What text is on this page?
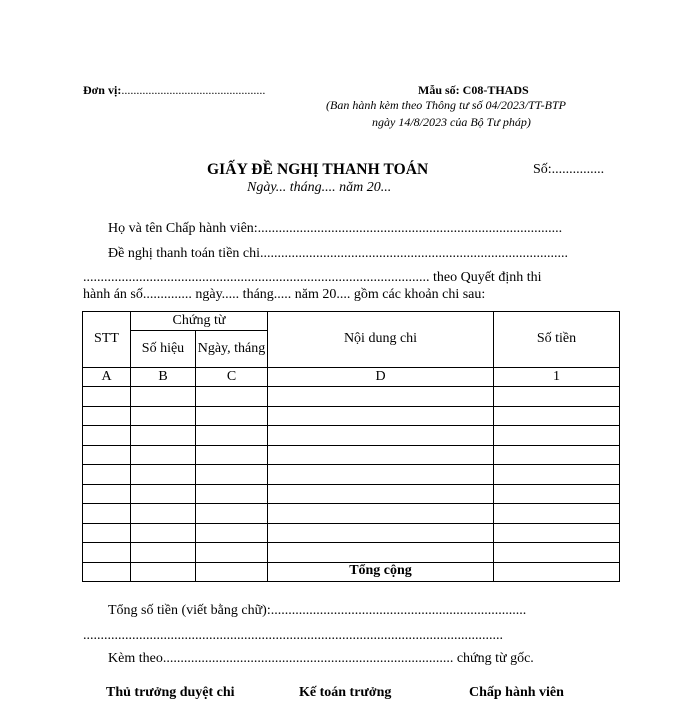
Đơn vị:................................................	Mẫu số: C08-THADS
(Ban hành kèm theo Thông tư số 04/2023/TT-BTP
ngày 14/8/2023 của Bộ Tư pháp)
GIẤY ĐỀ NGHỊ THANH TOÁN	Số:...............
Ngày... tháng.... năm 20...
Họ và tên Chấp hành viên:.......................................................................................
Đề nghị thanh toán tiền chi........................................................................................
................................................................................................... theo Quyết định thi
hành án số.............. ngày..... tháng..... năm 20.... gồm các khoản chi sau:
STT	Chứng từ		Nội dung chi	Số tiền
	Số hiệu	Ngày, tháng		
A	B	C	D	1

			Tổng cộng	
Tổng số tiền (viết bằng chữ):.........................................................................
........................................................................................................................
Kèm theo................................................................................... chứng từ gốc.
Thủ trưởng duyệt chi	Kế toán trưởng	Chấp hành viên
